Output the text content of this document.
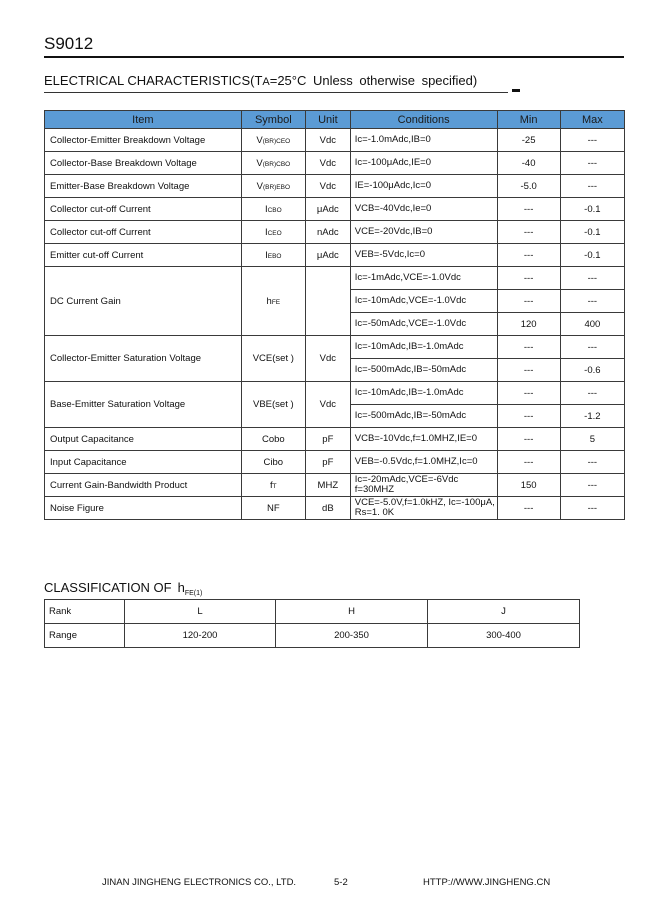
S9012
ELECTRICAL CHARACTERISTICS(TA=25°C Unless otherwise specified)
Item	Symbol	Unit	Conditions	Min	Max
Collector-Emitter Breakdown Voltage	V(BR)CEO	Vdc	Ic=-1.0mAdc,IB=0	-25	---
Collector-Base Breakdown Voltage	V(BR)CBO	Vdc	Ic=-100μAdc,IE=0	-40	---
Emitter-Base Breakdown Voltage	V(BR)EBO	Vdc	IE=-100μAdc,Ic=0	-5.0	---
Collector cut-off Current	ICBO	μAdc	VCB=-40Vdc,Ie=0	---	-0.1
Collector cut-off Current	ICEO	nAdc	VCE=-20Vdc,IB=0	---	-0.1
Emitter cut-off Current	IEBO	μAdc	VEB=-5Vdc,Ic=0	---	-0.1
DC Current Gain	hFE		Ic=-1mAdc,VCE=-1.0Vdc	---	---
			Ic=-10mAdc,VCE=-1.0Vdc	---	---
			Ic=-50mAdc,VCE=-1.0Vdc	120	400
Collector-Emitter Saturation Voltage	VCE(set )	Vdc	Ic=-10mAdc,IB=-1.0mAdc	---	---
			Ic=-500mAdc,IB=-50mAdc	---	-0.6
Base-Emitter Saturation Voltage	VBE(set )	Vdc	Ic=-10mAdc,IB=-1.0mAdc	---	---
			Ic=-500mAdc,IB=-50mAdc	---	-1.2
Output Capacitance	Cobo	pF	VCB=-10Vdc,f=1.0MHZ,IE=0	---	5
Input Capacitance	Cibo	pF	VEB=-0.5Vdc,f=1.0MHZ,Ic=0	---	---
Current Gain-Bandwidth Product	fT	MHZ	Ic=-20mAdc,VCE=-6Vdc f=30MHZ	150	---
Noise Figure	NF	dB	VCE=-5.0V,f=1.0kHZ, Ic=-100μA, Rs=1. 0K	---	---
CLASSIFICATION OF $h_{FE(1)}$
Rank	L	H	J
Range	120-200	200-350	300-400
JINAN JINGHENG ELECTRONICS CO., LTD.	5-2	HTTP://WWW.JINGHENG.CN
